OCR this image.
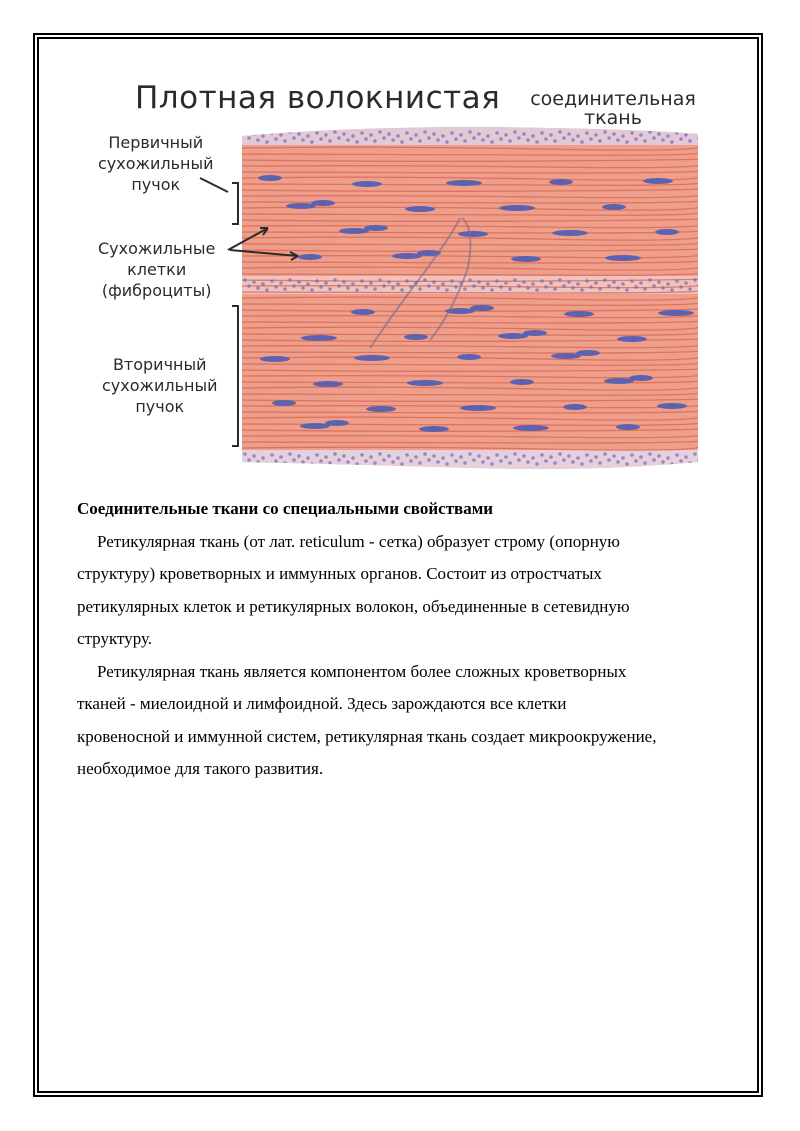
Плотная волокнистая	соединительная
ткань
Первичный
сухожильный
пучок
Сухожильные
клетки
(фиброциты)
Вторичный
сухожильный
пучок

Соединительные ткани со специальными свойствами

Ретикулярная ткань (от лат. reticulum - сетка) образует строму (опорную
структуру) кроветворных и иммунных органов. Состоит из отростчатых
ретикулярных клеток и ретикулярных волокон, объединенные в сетевидную
структуру.

Ретикулярная ткань является компонентом более сложных кроветворных
тканей - миелоидной и лимфоидной. Здесь зарождаются все клетки
кровеносной и иммунной систем, ретикулярная ткань создает микроокружение,
необходимое для такого развития.
